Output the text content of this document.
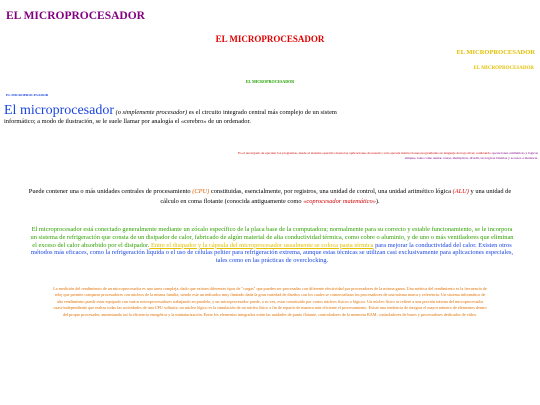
EL MICROPROCESADOR
EL MICROPROCESADOR
EL MICROPROCESADOR
EL MICROPROCESADOR
EL MICROPROCESADOR
EL MICROPROCESADOR

El microprocesador (o simplemente procesador) es el circuito integrado central más complejo de un sistem informático; a modo de ilustración, se le suele llamar por analogía el «cerebro» de un ordenador.

Es el encargado de ejecutar los programas, desde el sistema operativo hasta las aplicaciones de usuario; sólo ejecuta instrucciones programadas en lenguaje de bajo nivel, realizando operaciones aritméticas y lógicas simples, tales como sumar, restar, multiplicar, dividir, las lógicas binarias y accesos a memoria.

Puede contener una o más unidades centrales de procesamiento (CPU) constituidas, esencialmente, por registros, una unidad de control, una unidad aritmético lógica (ALU) y una unidad de cálculo en coma flotante (conocida antiguamente como «coprocesador matemático»).

El microprocesador está conectado generalmente mediante un zócalo específico de la placa base de la computadora; normalmente para su correcto y estable funcionamiento, se le incorpora un sistema de refrigeración que consta de un disipador de calor, fabricado de algún material de alta conductividad térmica, como cobre o aluminio, y de uno o más ventiladores que eliminan el exceso del calor absorbido por el disipador. Entre el disipador y la cápsula del microprocesador usualmente se coloca pasta térmica para mejorar la conductividad del calor. Existen otros métodos más eficaces, como la refrigeración líquida o el uso de células peltier para refrigeración extrema, aunque estas técnicas se utilizan casi exclusivamente para aplicaciones especiales, tales como en las prácticas de overclocking.

La medición del rendimiento de un microprocesador es una tarea compleja, dado que existen diferentes tipos de "cargas" que pueden ser procesadas con diferente efectividad por procesadores de la misma gama. Una métrica del rendimiento es la frecuencia de reloj que permite comparar procesadores con núcleos de la misma familia, siendo este un indicador muy limitado dada la gran variedad de diseños con los cuales se comercializan los procesadores de una misma marca y referencia. Un sistema informático de alto rendimiento puede estar equipado con varios microprocesadores trabajando en paralelo, y un microprocesador puede, a su vez, estar constituido por varios núcleos físicos o lógicos. Un núcleo físico se refiere a una porción interna del microprocesador cuasi-independiente que realiza todas las actividades de una CPU solitaria, un núcleo lógico es la simulación de un núcleo físico a fin de repartir de manera más eficiente el procesamiento. Existe una tendencia de integrar el mayor número de elementos dentro del propio procesador, aumentando así la eficiencia energética y la miniaturización. Entre los elementos integrados están las unidades de punto flotante, controladores de la memoria RAM, controladores de buses y procesadores dedicados de vídeo.
